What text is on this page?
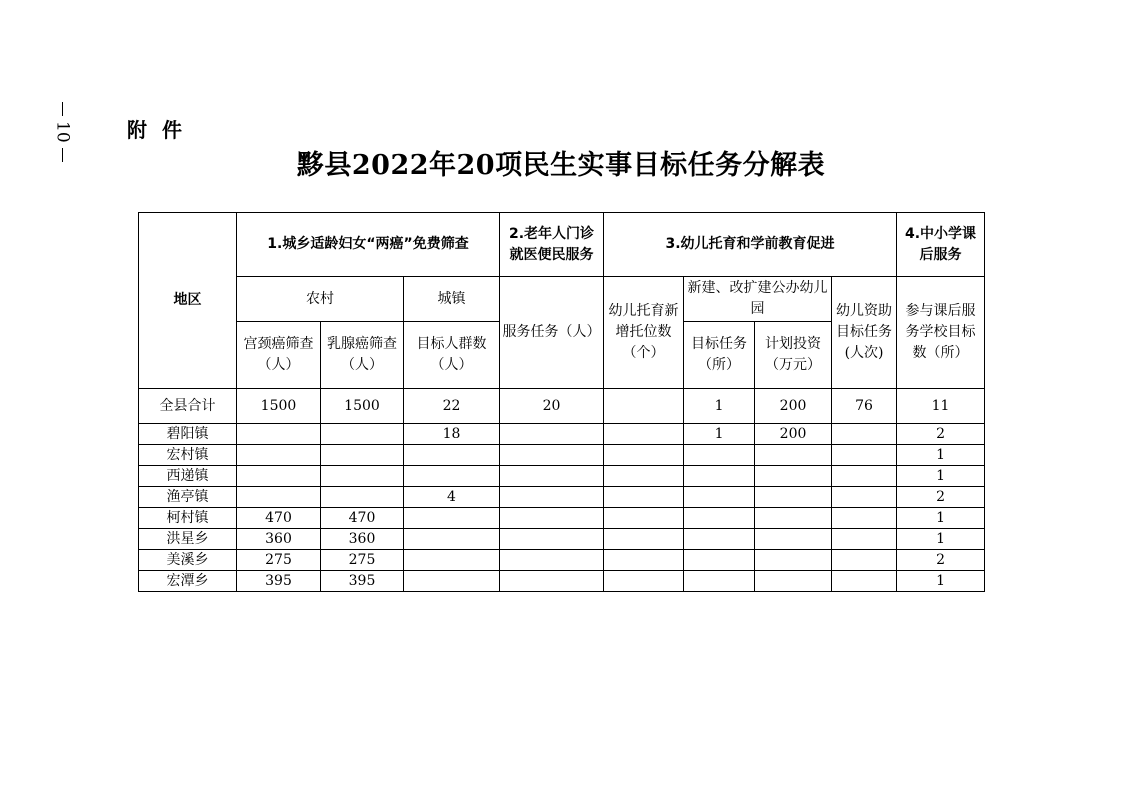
10	附 件
黟县2022年20项民生实事目标任务分解表
地区	1.城乡适龄妇女“两癌”免费筛查			2.老年人门诊就医便民服务	3.幼儿托育和学前教育促进				4.中小学课后服务
	农村		城镇	服务任务（人）	幼儿托育新增托位数（个）	新建、改扩建公办幼儿园		幼儿资助目标任务(人次)	参与课后服务学校目标数（所）
	宫颈癌筛查（人）	乳腺癌筛查（人）	目标人群数（人）			目标任务（所）	计划投资（万元）		
全县合计	1500	1500	22	20		1	200	76	11
碧阳镇			18			1	200		2
宏村镇									1
西递镇									1
渔亭镇			4						2
柯村镇	470	470							1
洪星乡	360	360							1
美溪乡	275	275							2
宏潭乡	395	395							1
